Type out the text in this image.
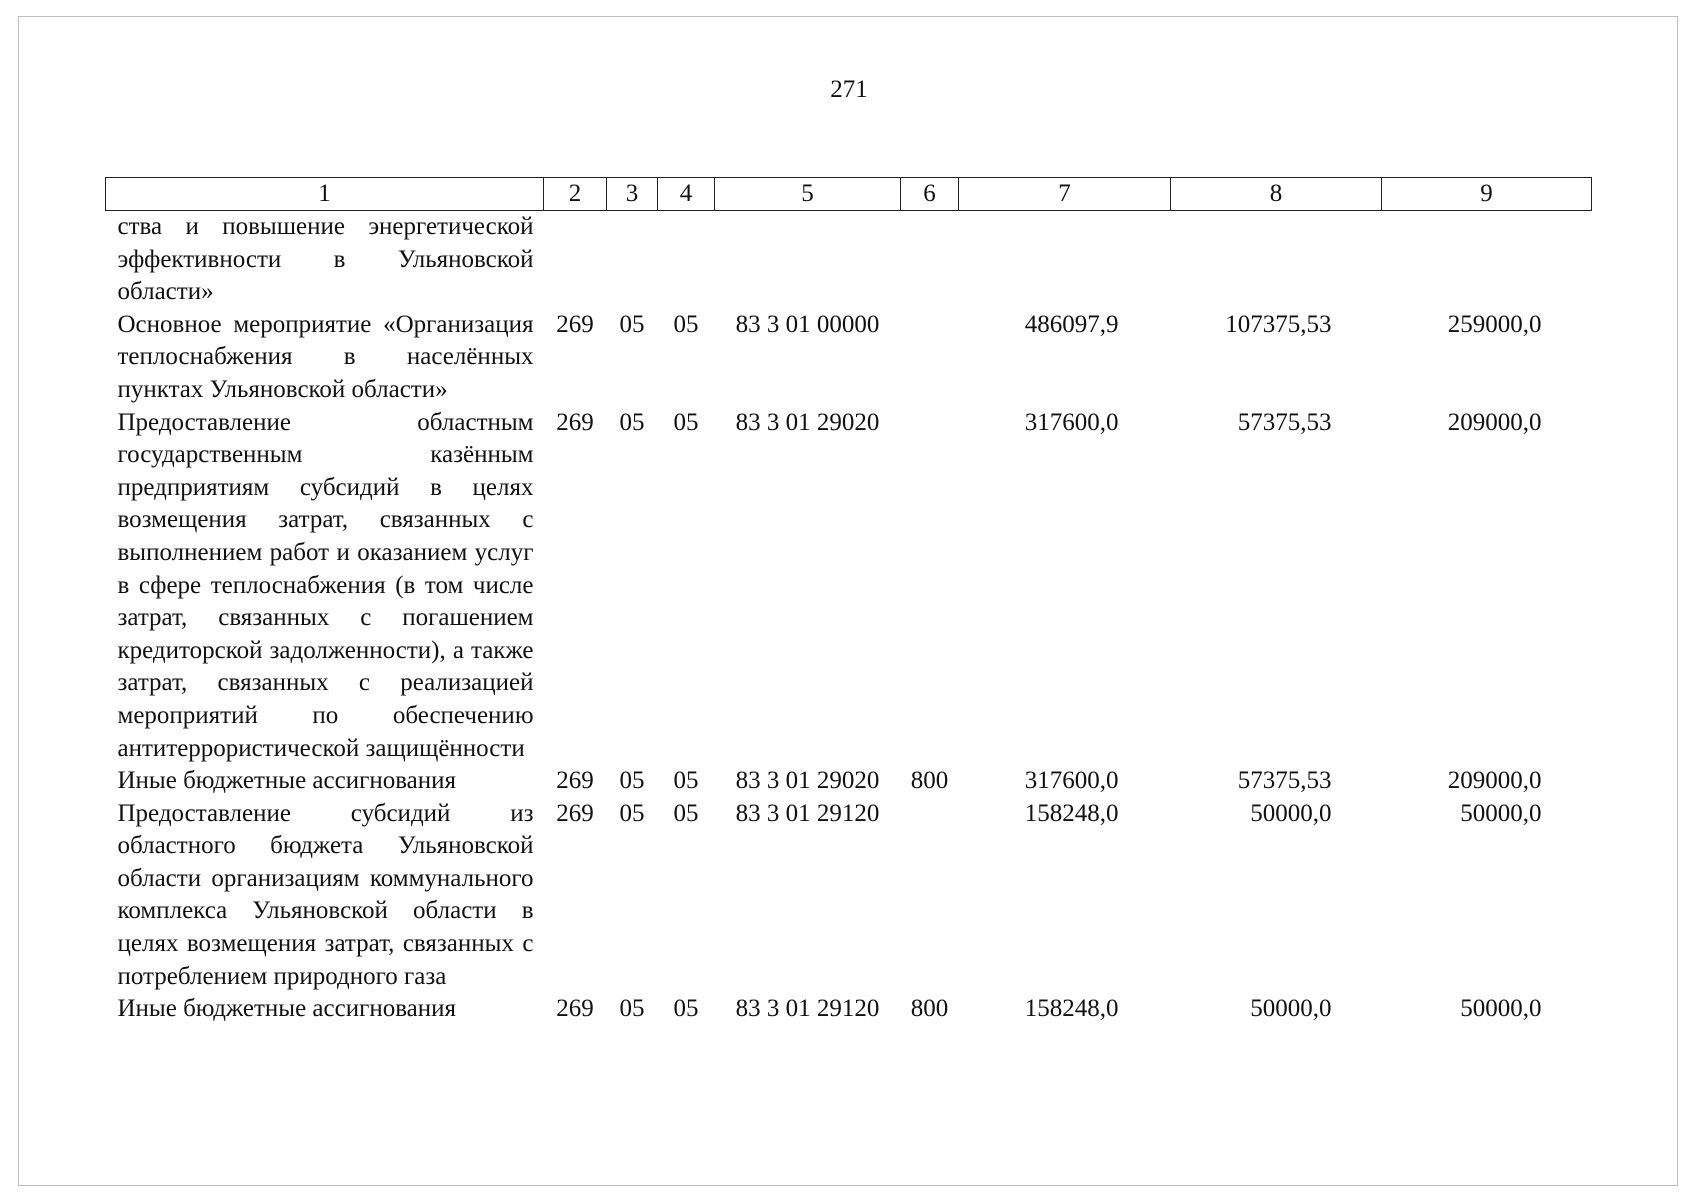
271
1	2	3	4	5	6	7	8	9
ства и повышение энергетической эффективности в Ульяновской области»								
Основное мероприятие «Организация теплоснабжения в населённых пунктах Ульяновской области»	269	05	05	83 3 01 00000		486097,9	107375,53	259000,0
Предоставление областным государственным казённым предприятиям субсидий в целях возмещения затрат, связанных с выполнением работ и оказанием услуг в сфере теплоснабжения (в том числе затрат, связанных с погашением кредиторской задолженности), а также затрат, связанных с реализацией мероприятий по обеспечению антитеррористической защищённости	269	05	05	83 3 01 29020		317600,0	57375,53	209000,0
Иные бюджетные ассигнования	269	05	05	83 3 01 29020	800	317600,0	57375,53	209000,0
Предоставление субсидий из областного бюджета Ульяновской области организациям коммунального комплекса Ульяновской области в целях возмещения затрат, связанных с потреблением природного газа	269	05	05	83 3 01 29120		158248,0	50000,0	50000,0
Иные бюджетные ассигнования	269	05	05	83 3 01 29120	800	158248,0	50000,0	50000,0
